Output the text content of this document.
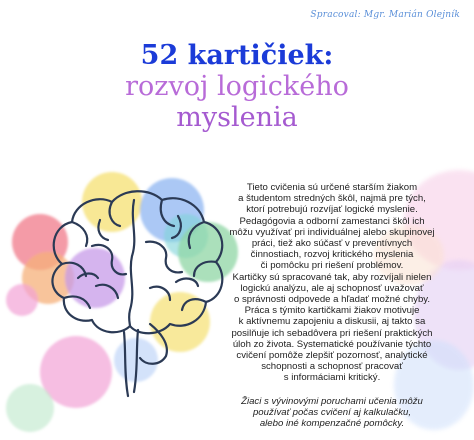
Spracoval: Mgr. Marián Olejník
52 kartičiek:
rozvoj logického
myslenia

Tieto cvičenia sú určené starším žiakom
a študentom stredných škôl, najmä pre tých,
ktorí potrebujú rozvíjať logické myslenie.
Pedagógovia a odborní zamestanci škôl ich
môžu využívať pri individuálnej alebo skupinovej
práci, tiež ako súčasť v preventívnych
činnostiach, rozvoj kritického myslenia
či pomôcku pri riešení problémov.

Kartičky sú spracované tak, aby rozvíjali nielen
logickú analýzu, ale aj schopnosť uvažovať
o správnosti odpovede a hľadať možné chyby.

Práca s týmito kartičkami žiakov motivuje
k aktívnemu zapojeniu a diskusii, aj takto sa
posilňuje ich sebadôvera pri riešení praktických
úloh zo života. Systematické používanie týchto
cvičení pomôže zlepšiť pozornosť, analytické
schopnosti a schopnosť pracovať
s informáciami kritický.

Žiaci s vývinovými poruchami učenia môžu
používať počas cvičení aj kalkulačku,
alebo iné kompenzačné pomôcky.
